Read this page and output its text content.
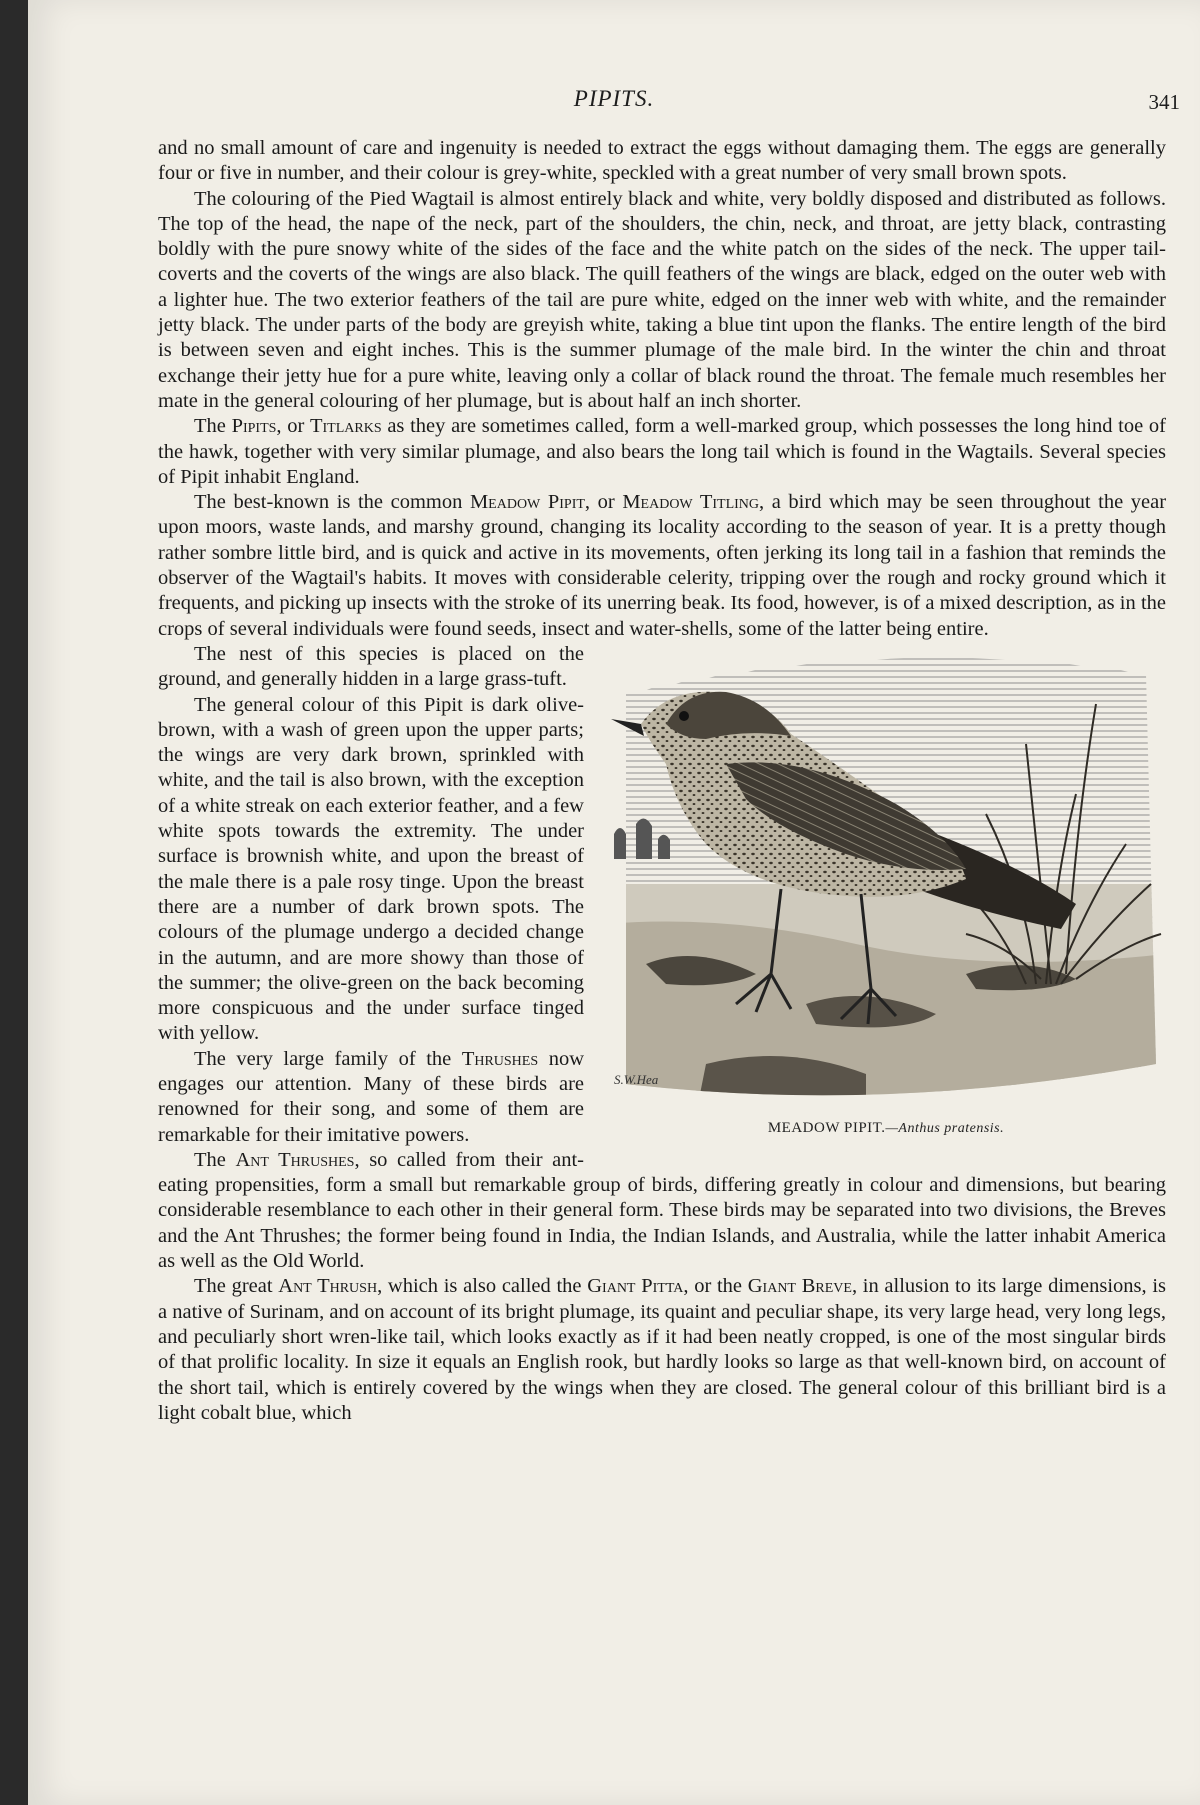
PIPITS.	341

and no small amount of care and ingenuity is needed to extract the eggs without damaging them. The eggs are generally four or five in number, and their colour is grey-white, speckled with a great number of very small brown spots.

The colouring of the Pied Wagtail is almost entirely black and white, very boldly disposed and distributed as follows. The top of the head, the nape of the neck, part of the shoulders, the chin, neck, and throat, are jetty black, contrasting boldly with the pure snowy white of the sides of the face and the white patch on the sides of the neck. The upper tail-coverts and the coverts of the wings are also black. The quill feathers of the wings are black, edged on the outer web with a lighter hue. The two exterior feathers of the tail are pure white, edged on the inner web with white, and the remainder jetty black. The under parts of the body are greyish white, taking a blue tint upon the flanks. The entire length of the bird is between seven and eight inches. This is the summer plumage of the male bird. In the winter the chin and throat exchange their jetty hue for a pure white, leaving only a collar of black round the throat. The female much resembles her mate in the general colouring of her plumage, but is about half an inch shorter.

The Pipits, or Titlarks as they are sometimes called, form a well-marked group, which possesses the long hind toe of the hawk, together with very similar plumage, and also bears the long tail which is found in the Wagtails. Several species of Pipit inhabit England.

The best-known is the common Meadow Pipit, or Meadow Titling, a bird which may be seen throughout the year upon moors, waste lands, and marshy ground, changing its locality according to the season of year. It is a pretty though rather sombre little bird, and is quick and active in its movements, often jerking its long tail in a fashion that reminds the observer of the Wagtail's habits. It moves with considerable celerity, tripping over the rough and rocky ground which it frequents, and picking up insects with the stroke of its unerring beak. Its food, however, is of a mixed description, as in the crops of several individuals were found seeds, insect and water-shells, some of the latter being entire.

S.W.Hea
MEADOW PIPIT.—Anthus pratensis.

The nest of this species is placed on the ground, and generally hidden in a large grass-tuft.

The general colour of this Pipit is dark olive-brown, with a wash of green upon the upper parts; the wings are very dark brown, sprinkled with white, and the tail is also brown, with the exception of a white streak on each exterior feather, and a few white spots towards the extremity. The under surface is brownish white, and upon the breast of the male there is a pale rosy tinge. Upon the breast there are a number of dark brown spots. The colours of the plumage undergo a decided change in the autumn, and are more showy than those of the summer; the olive-green on the back becoming more conspicuous and the under surface tinged with yellow.

The very large family of the Thrushes now engages our attention. Many of these birds are renowned for their song, and some of them are remarkable for their imitative powers.

The Ant Thrushes, so called from their ant-eating propensities, form a small but remarkable group of birds, differing greatly in colour and dimensions, but bearing considerable resemblance to each other in their general form. These birds may be separated into two divisions, the Breves and the Ant Thrushes; the former being found in India, the Indian Islands, and Australia, while the latter inhabit America as well as the Old World.

The great Ant Thrush, which is also called the Giant Pitta, or the Giant Breve, in allusion to its large dimensions, is a native of Surinam, and on account of its bright plumage, its quaint and peculiar shape, its very large head, very long legs, and peculiarly short wren-like tail, which looks exactly as if it had been neatly cropped, is one of the most singular birds of that prolific locality. In size it equals an English rook, but hardly looks so large as that well-known bird, on account of the short tail, which is entirely covered by the wings when they are closed. The general colour of this brilliant bird is a light cobalt blue, which
